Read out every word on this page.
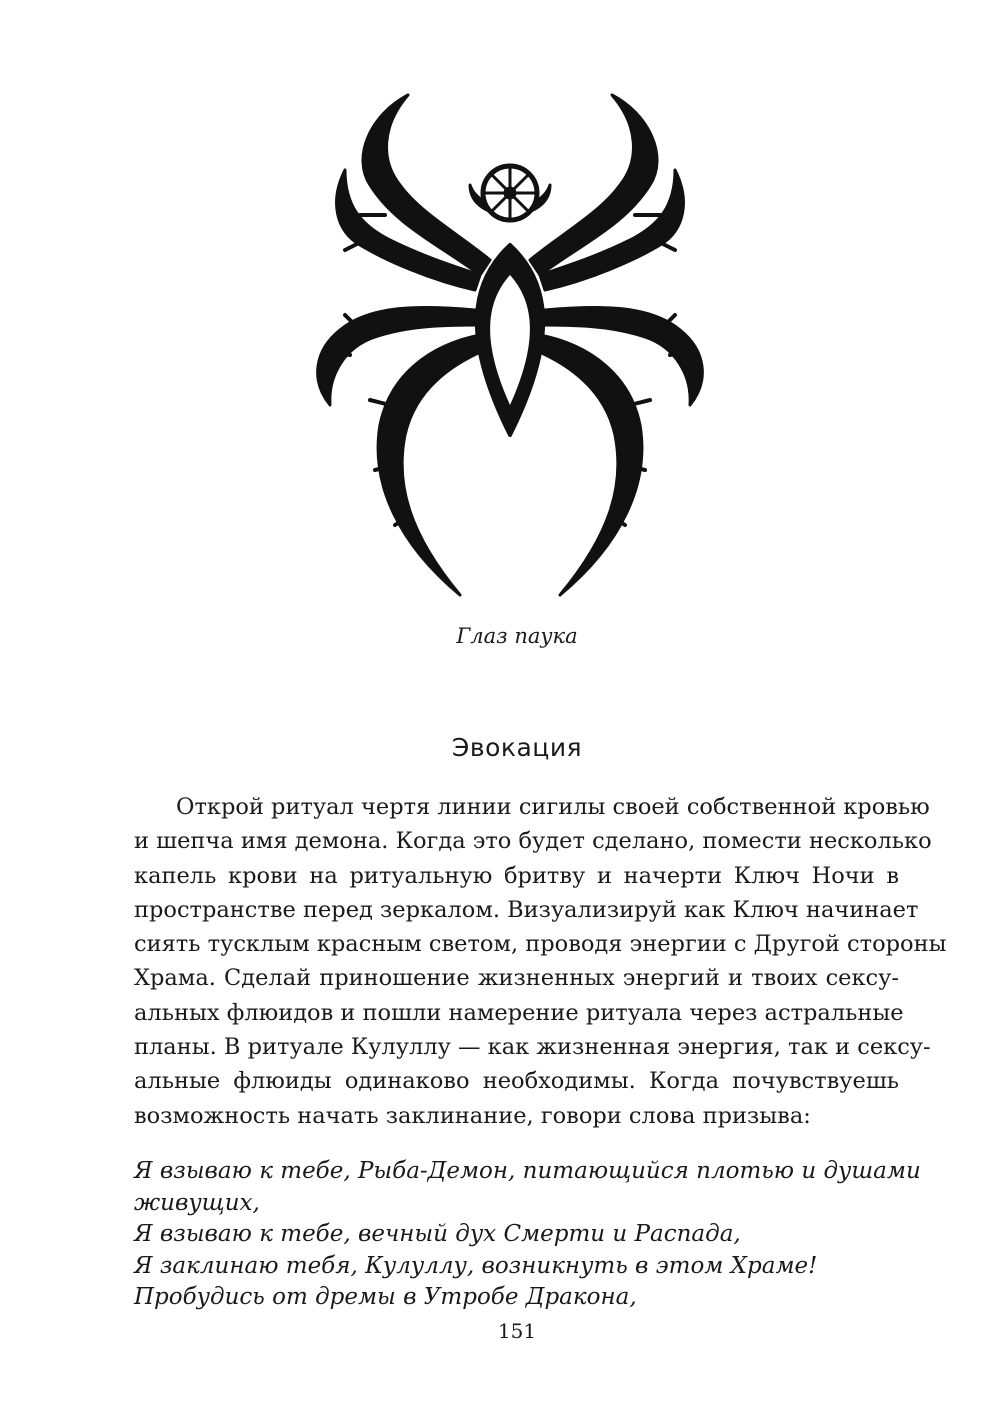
Глаз паука
Эвокация
Открой ритуал чертя линии сигилы своей собственной кровью
и шепча имя демона. Когда это будет сделано, помести несколько
капель крови на ритуальную бритву и начерти Ключ Ночи в
пространстве перед зеркалом. Визуализируй как Ключ начинает
сиять тусклым красным светом, проводя энергии с Другой стороны
Храма. Сделай приношение жизненных энергий и твоих сексу-
альных флюидов и пошли намерение ритуала через астральные
планы. В ритуале Кулуллу — как жизненная энергия, так и сексу-
альные флюиды одинаково необходимы. Когда почувствуешь
возможность начать заклинание, говори слова призыва:
Я взываю к тебе, Рыба-Демон, питающийся плотью и душами
живущих,
Я взываю к тебе, вечный дух Смерти и Распада,
Я заклинаю тебя, Кулуллу, возникнуть в этом Храме!
Пробудись от дремы в Утробе Дракона,
151
